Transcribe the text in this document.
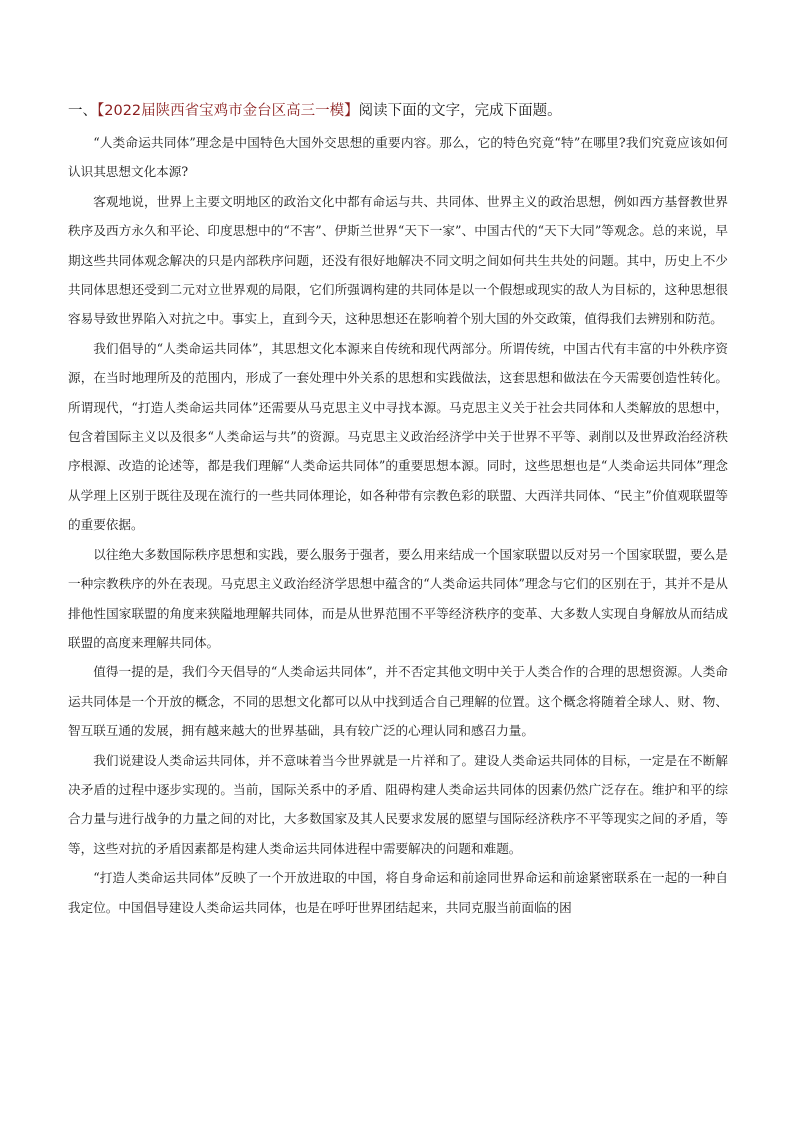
一、【2022届陕西省宝鸡市金台区高三一模】阅读下面的文字，完成下面题。

“人类命运共同体”理念是中国特色大国外交思想的重要内容。那么，它的特色究竟“特”在哪里?我们究竟应该如何认识其思想文化本源?

客观地说，世界上主要文明地区的政治文化中都有命运与共、共同体、世界主义的政治思想，例如西方基督教世界秩序及西方永久和平论、印度思想中的“不害”、伊斯兰世界“天下一家”、中国古代的“天下大同”等观念。总的来说，早期这些共同体观念解决的只是内部秩序问题，还没有很好地解决不同文明之间如何共生共处的问题。其中，历史上不少共同体思想还受到二元对立世界观的局限，它们所强调构建的共同体是以一个假想或现实的敌人为目标的，这种思想很容易导致世界陷入对抗之中。事实上，直到今天，这种思想还在影响着个别大国的外交政策，值得我们去辨别和防范。

我们倡导的“人类命运共同体”，其思想文化本源来自传统和现代两部分。所谓传统，中国古代有丰富的中外秩序资源，在当时地理所及的范围内，形成了一套处理中外关系的思想和实践做法，这套思想和做法在今天需要创造性转化。所谓现代，“打造人类命运共同体”还需要从马克思主义中寻找本源。马克思主义关于社会共同体和人类解放的思想中，包含着国际主义以及很多“人类命运与共”的资源。马克思主义政治经济学中关于世界不平等、剥削以及世界政治经济秩序根源、改造的论述等，都是我们理解“人类命运共同体”的重要思想本源。同时，这些思想也是“人类命运共同体”理念从学理上区别于既往及现在流行的一些共同体理论，如各种带有宗教色彩的联盟、大西洋共同体、“民主”价值观联盟等的重要依据。

以往绝大多数国际秩序思想和实践，要么服务于强者，要么用来结成一个国家联盟以反对另一个国家联盟，要么是一种宗教秩序的外在表现。马克思主义政治经济学思想中蕴含的“人类命运共同体”理念与它们的区别在于，其并不是从排他性国家联盟的角度来狭隘地理解共同体，而是从世界范围不平等经济秩序的变革、大多数人实现自身解放从而结成联盟的高度来理解共同体。

值得一提的是，我们今天倡导的“人类命运共同体”，并不否定其他文明中关于人类合作的合理的思想资源。人类命运共同体是一个开放的概念，不同的思想文化都可以从中找到适合自己理解的位置。这个概念将随着全球人、财、物、智互联互通的发展，拥有越来越大的世界基础，具有较广泛的心理认同和感召力量。

我们说建设人类命运共同体，并不意味着当今世界就是一片祥和了。建设人类命运共同体的目标，一定是在不断解决矛盾的过程中逐步实现的。当前，国际关系中的矛盾、阻碍构建人类命运共同体的因素仍然广泛存在。维护和平的综合力量与进行战争的力量之间的对比，大多数国家及其人民要求发展的愿望与国际经济秩序不平等现实之间的矛盾，等等，这些对抗的矛盾因素都是构建人类命运共同体进程中需要解决的问题和难题。

“打造人类命运共同体”反映了一个开放进取的中国，将自身命运和前途同世界命运和前途紧密联系在一起的一种自我定位。中国倡导建设人类命运共同体，也是在呼吁世界团结起来，共同克服当前面临的困
